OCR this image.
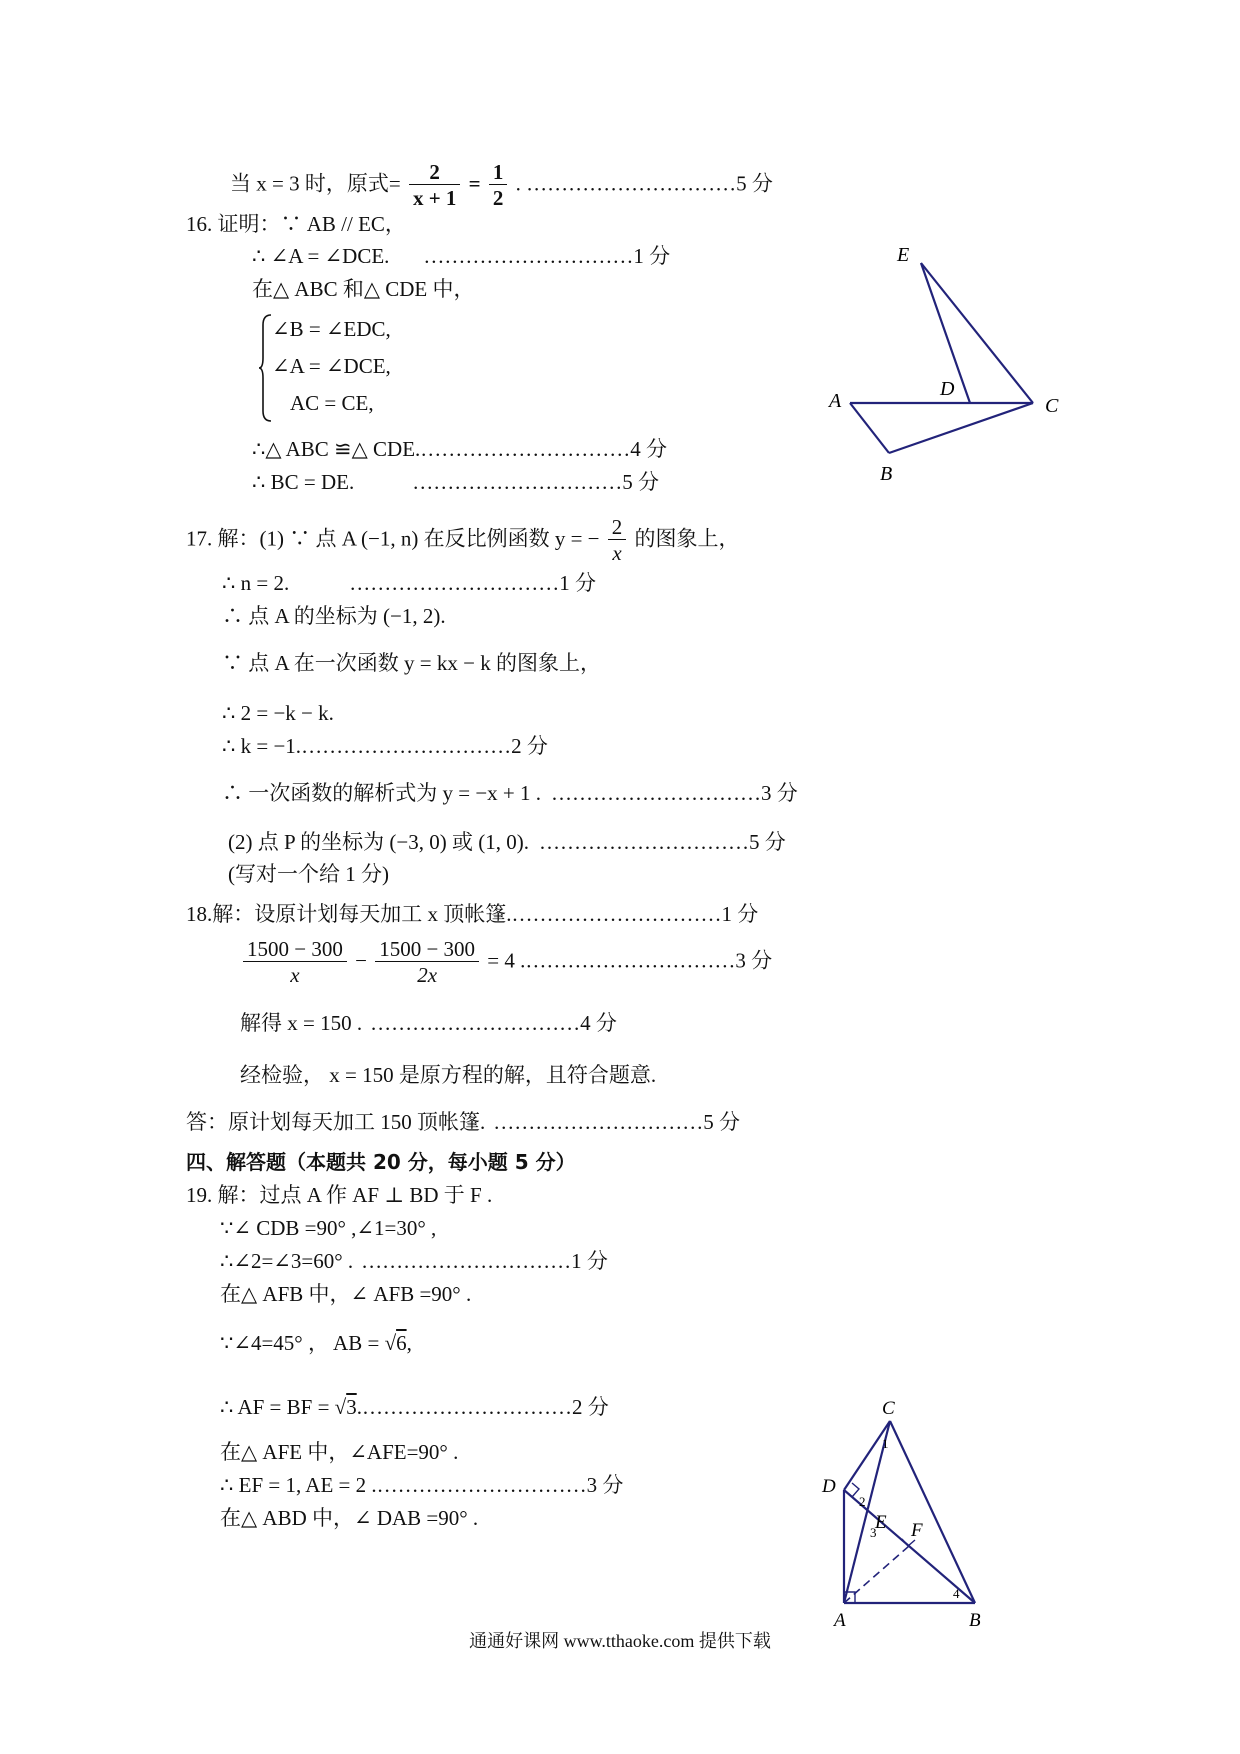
当 x = 3 时，原式= $\frac{2}{x + 1} = \frac{1}{2}$ . …………………………5 分
16. 证明：∵ AB // EC，
∴ ∠A = ∠DCE. …………………………1 分
在△ ABC 和△ CDE 中，
∠B = ∠EDC,
∠A = ∠DCE,
AC = CE,
∴△ ABC ≌△ CDE.…………………………4 分
∴ BC = DE.	…………………………5 分
E
D
A
B
C
17. 解：(1) ∵ 点 A (−1, n) 在反比例函数 y = − $\frac{2}{x}$ 的图象上，
∴ n = 2.	…………………………1 分
∴ 点 A 的坐标为 (−1, 2).
∵ 点 A 在一次函数 y = kx − k 的图象上，
∴ 2 = −k − k.
∴ k = −1.…………………………2 分
∴ 一次函数的解析式为 y = −x + 1 . …………………………3 分
(2) 点 P 的坐标为 (−3, 0) 或 (1, 0). …………………………5 分
(写对一个给 1 分)
18.解：设原计划每天加工 x 顶帐篷.…………………………1 分
$\frac{1500 - 300}{x} - \frac{1500 - 300}{2x} = 4$ .…………………………3 分
解得 x = 150 . …………………………4 分
经检验， x = 150 是原方程的解，且符合题意.
答：原计划每天加工 150 顶帐篷. …………………………5 分
四、解答题（本题共 20 分，每小题 5 分）
19. 解：过点 A 作 AF ⊥ BD 于 F .
∵∠ CDB =90° ,∠1=30° ,
∴∠2=∠3=60° . …………………………1 分
在△ AFB 中，∠ AFB =90° .
∵∠4=45° ， AB = √6,
∴ AF = BF = √3.…………………………2 分
在△ AFE 中，∠AFE=90° .
∴ EF = 1, AE = 2 .…………………………3 分
在△ ABD 中，∠ DAB =90° .
C
D
E F
A	B
1
2
3
4
通通好课网 www.tthaoke.com 提供下载
